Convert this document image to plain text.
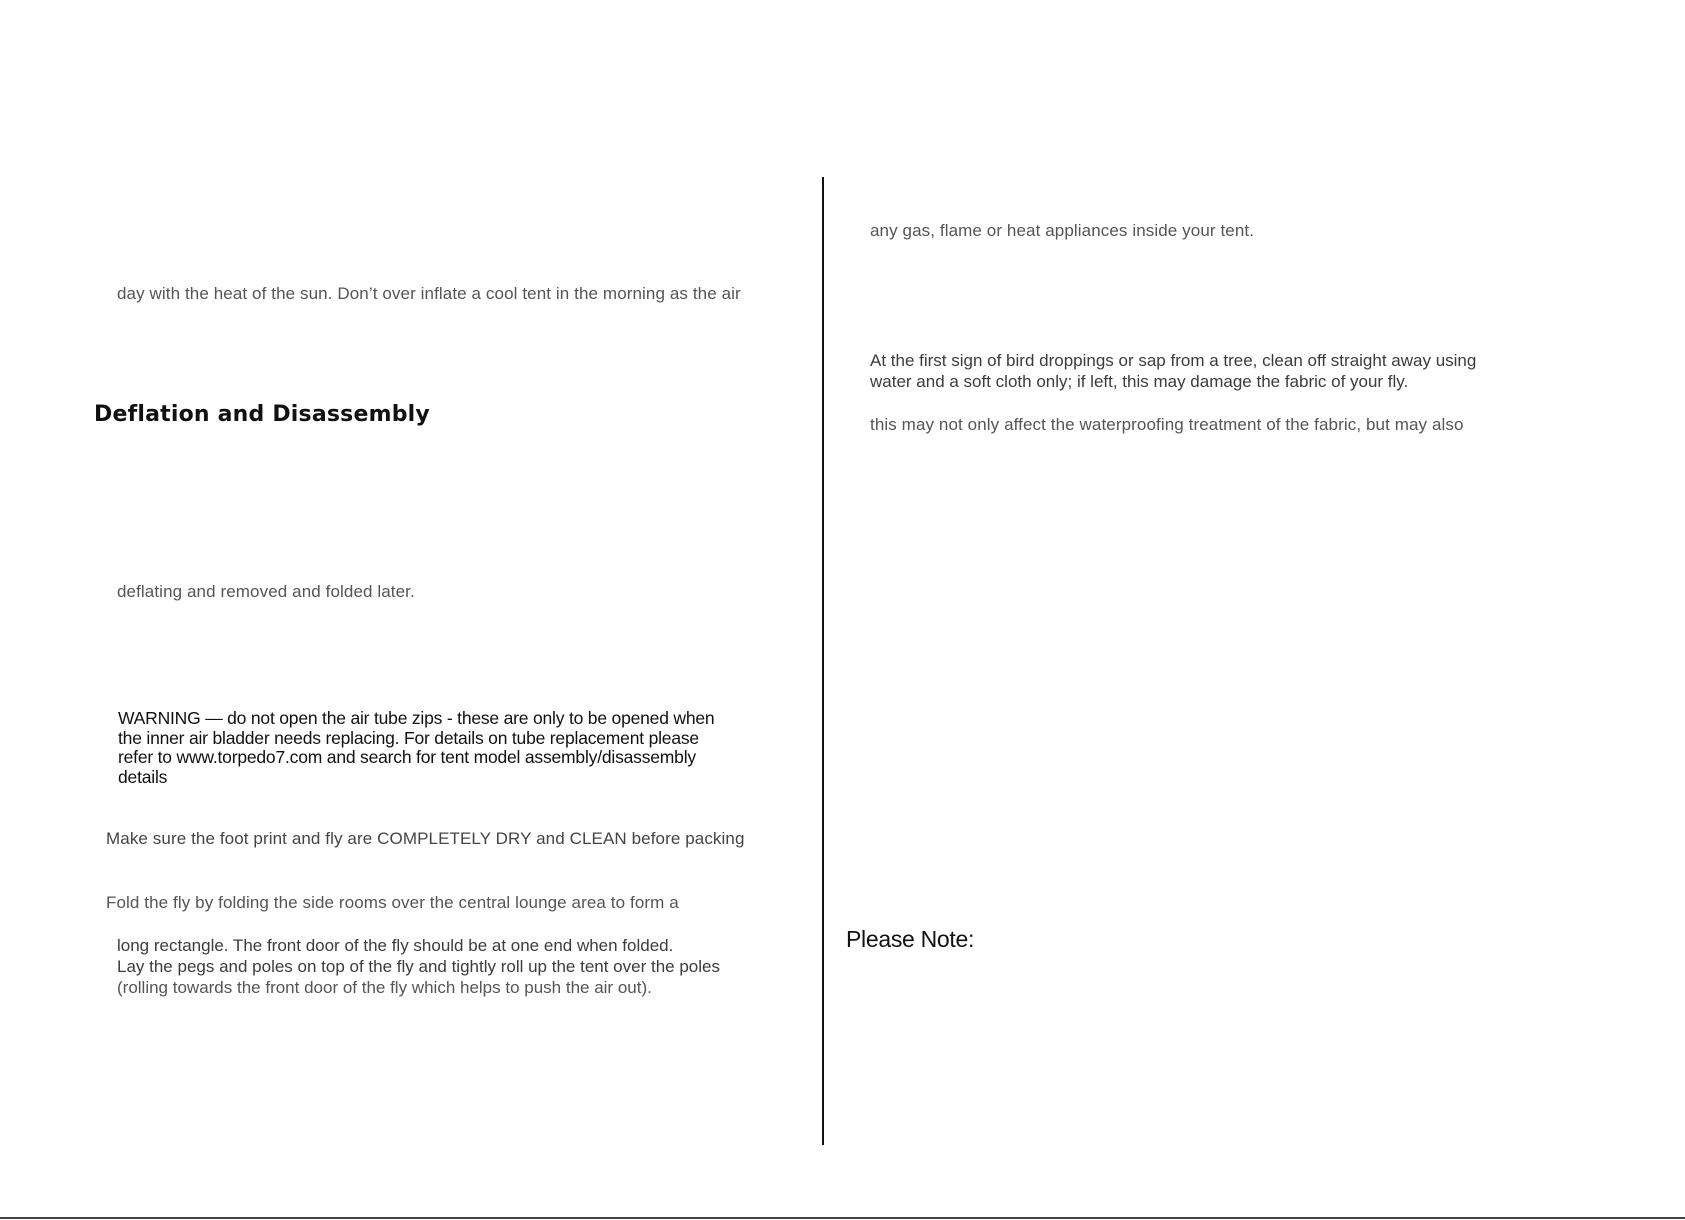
day with the heat of the sun. Don’t over inflate a cool tent in the morning as the air
Deflation and Disassembly
deflating and removed and folded later.
WARNING — do not open the air tube zips - these are only to be opened when
the inner air bladder needs replacing. For details on tube replacement please
refer to www.torpedo7.com and search for tent model assembly/disassembly
details
Make sure the foot print and fly are COMPLETELY DRY and CLEAN before packing
Fold the fly by folding the side rooms over the central lounge area to form a
long rectangle. The front door of the fly should be at one end when folded.
Lay the pegs and poles on top of the fly and tightly roll up the tent over the poles
(rolling towards the front door of the fly which helps to push the air out).
any gas, flame or heat appliances inside your tent.
At the first sign of bird droppings or sap from a tree, clean off straight away using
water and a soft cloth only; if left, this may damage the fabric of your fly.
this may not only affect the waterproofing treatment of the fabric, but may also
Please Note:
